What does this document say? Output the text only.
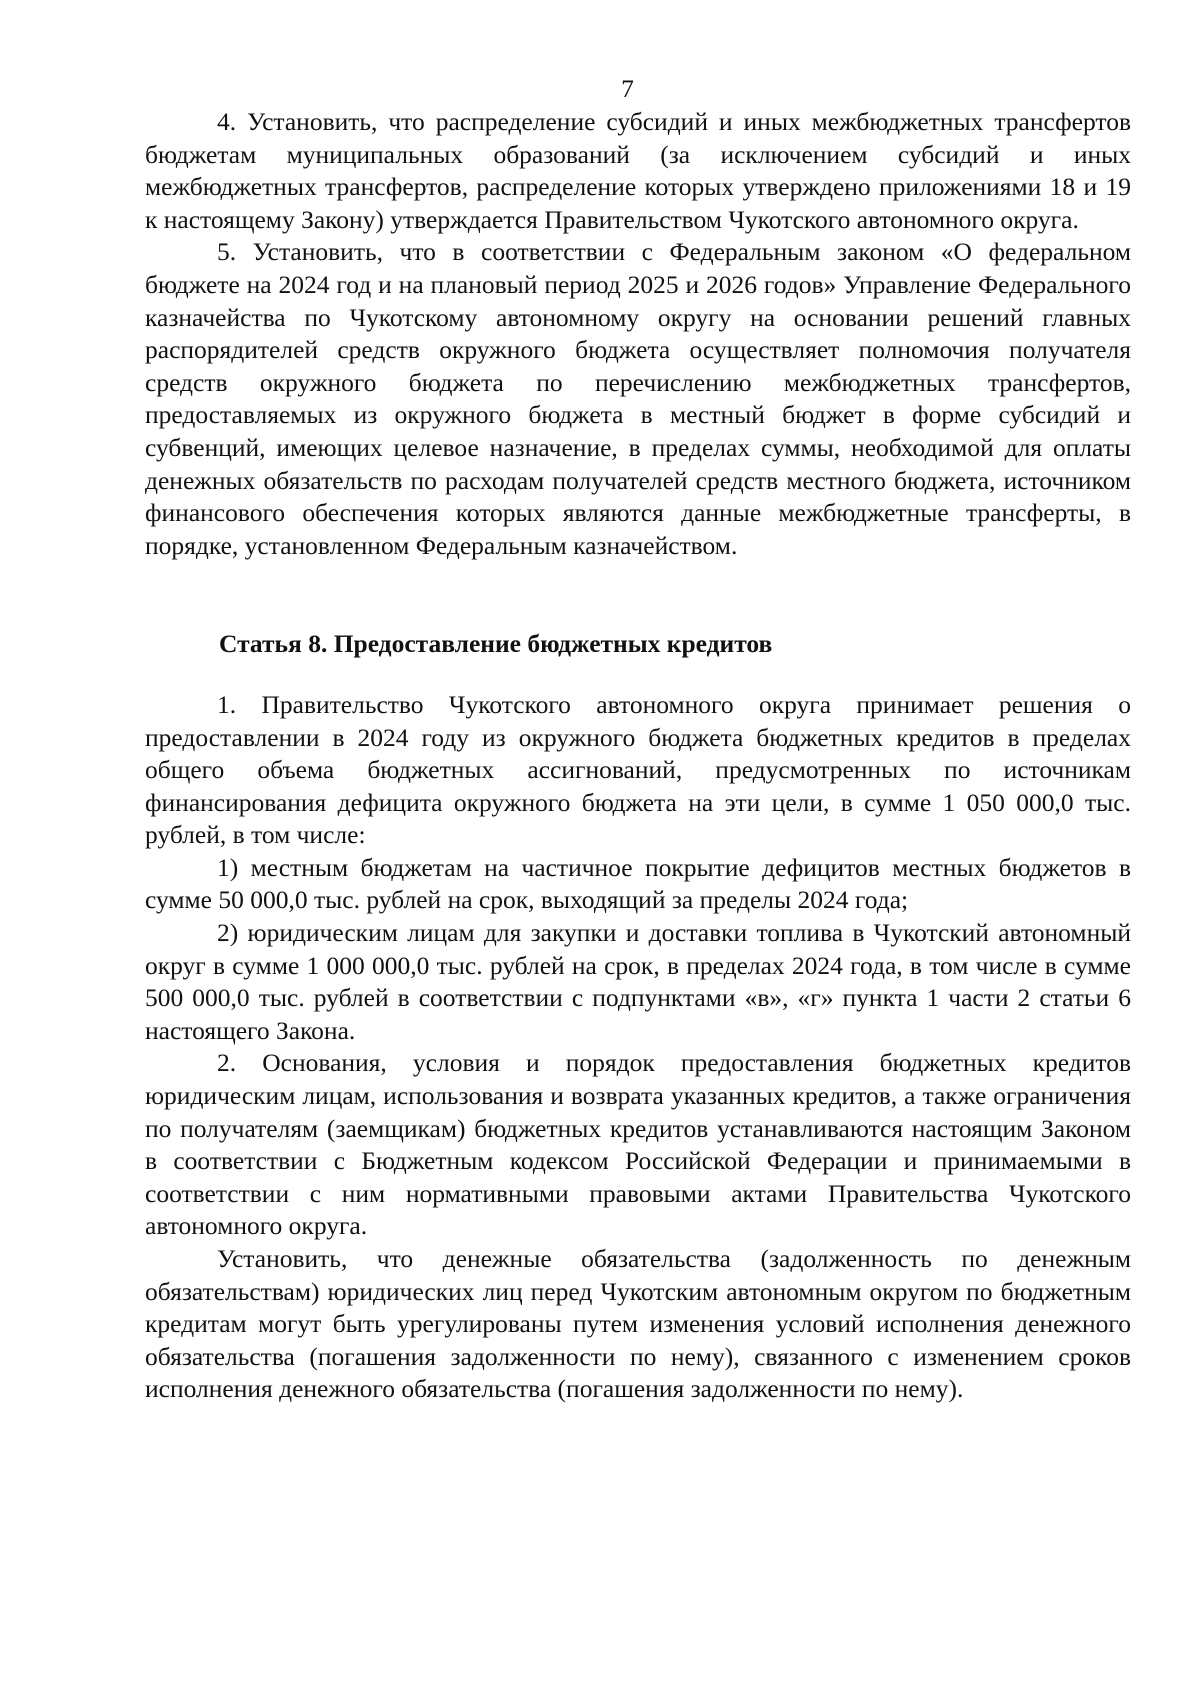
7

4. Установить, что распределение субсидий и иных межбюджетных трансфертов бюджетам муниципальных образований (за исключением субсидий и иных межбюджетных трансфертов, распределение которых утверждено приложениями 18 и 19 к настоящему Закону) утверждается Правительством Чукотского автономного округа.

5. Установить, что в соответствии с Федеральным законом «О федеральном бюджете на 2024 год и на плановый период 2025 и 2026 годов» Управление Федерального казначейства по Чукотскому автономному округу на основании решений главных распорядителей средств окружного бюджета осуществляет полномочия получателя средств окружного бюджета по перечислению межбюджетных трансфертов, предоставляемых из окружного бюджета в местный бюджет в форме субсидий и субвенций, имеющих целевое назначение, в пределах суммы, необходимой для оплаты денежных обязательств по расходам получателей средств местного бюджета, источником финансового обеспечения которых являются данные межбюджетные трансферты, в порядке, установленном Федеральным казначейством.

Статья 8. Предоставление бюджетных кредитов

1. Правительство Чукотского автономного округа принимает решения о предоставлении в 2024 году из окружного бюджета бюджетных кредитов в пределах общего объема бюджетных ассигнований, предусмотренных по источникам финансирования дефицита окружного бюджета на эти цели, в сумме 1 050 000,0 тыс. рублей, в том числе:

1) местным бюджетам на частичное покрытие дефицитов местных бюджетов в сумме 50 000,0 тыс. рублей на срок, выходящий за пределы 2024 года;

2) юридическим лицам для закупки и доставки топлива в Чукотский автономный округ в сумме 1 000 000,0 тыс. рублей на срок, в пределах 2024 года, в том числе в сумме 500 000,0 тыс. рублей в соответствии с подпунктами «в», «г» пункта 1 части 2 статьи 6 настоящего Закона.

2. Основания, условия и порядок предоставления бюджетных кредитов юридическим лицам, использования и возврата указанных кредитов, а также ограничения по получателям (заемщикам) бюджетных кредитов устанавливаются настоящим Законом в соответствии с Бюджетным кодексом Российской Федерации и принимаемыми в соответствии с ним нормативными правовыми актами Правительства Чукотского автономного округа.

Установить, что денежные обязательства (задолженность по денежным обязательствам) юридических лиц перед Чукотским автономным округом по бюджетным кредитам могут быть урегулированы путем изменения условий исполнения денежного обязательства (погашения задолженности по нему), связанного с изменением сроков исполнения денежного обязательства (погашения задолженности по нему).
